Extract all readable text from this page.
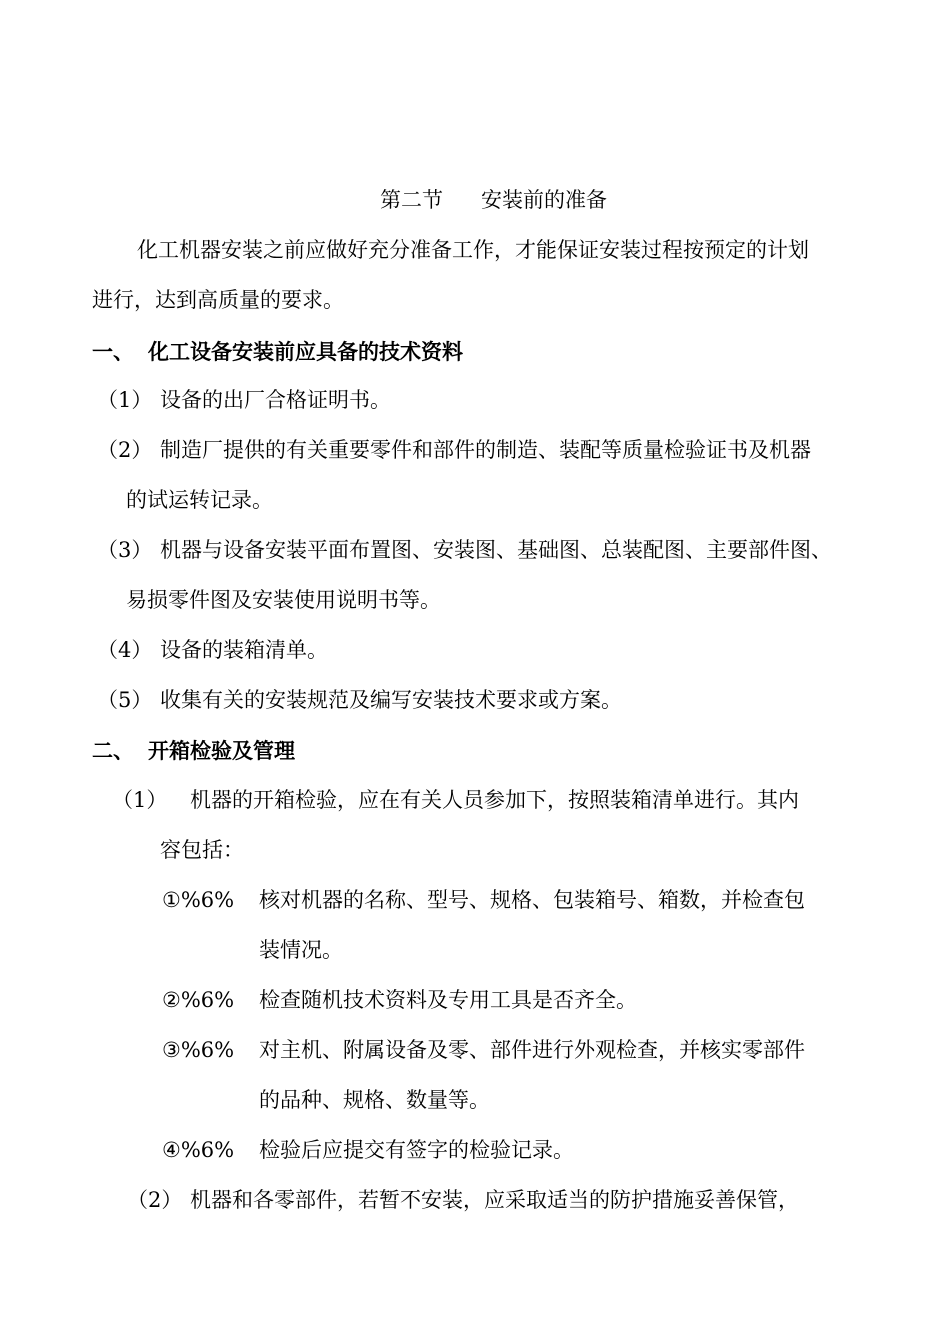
第二节 安装前的准备
化工机器安装之前应做好充分准备工作，才能保证安装过程按预定的计划
进行，达到高质量的要求。
一、 化工设备安装前应具备的技术资料
（1） 设备的出厂合格证明书。
（2） 制造厂提供的有关重要零件和部件的制造、装配等质量检验证书及机器
的试运转记录。
（3） 机器与设备安装平面布置图、安装图、基础图、总装配图、主要部件图、
易损零件图及安装使用说明书等。
（4） 设备的装箱清单。
（5） 收集有关的安装规范及编写安装技术要求或方案。
二、 开箱检验及管理
（1） 机器的开箱检验，应在有关人员参加下，按照装箱清单进行。其内
容包括：
①%6% 核对机器的名称、型号、规格、包装箱号、箱数，并检查包
装情况。
②%6% 检查随机技术资料及专用工具是否齐全。
③%6% 对主机、附属设备及零、部件进行外观检查，并核实零部件
的品种、规格、数量等。
④%6% 检验后应提交有签字的检验记录。
（2） 机器和各零部件，若暂不安装，应采取适当的防护措施妥善保管，
